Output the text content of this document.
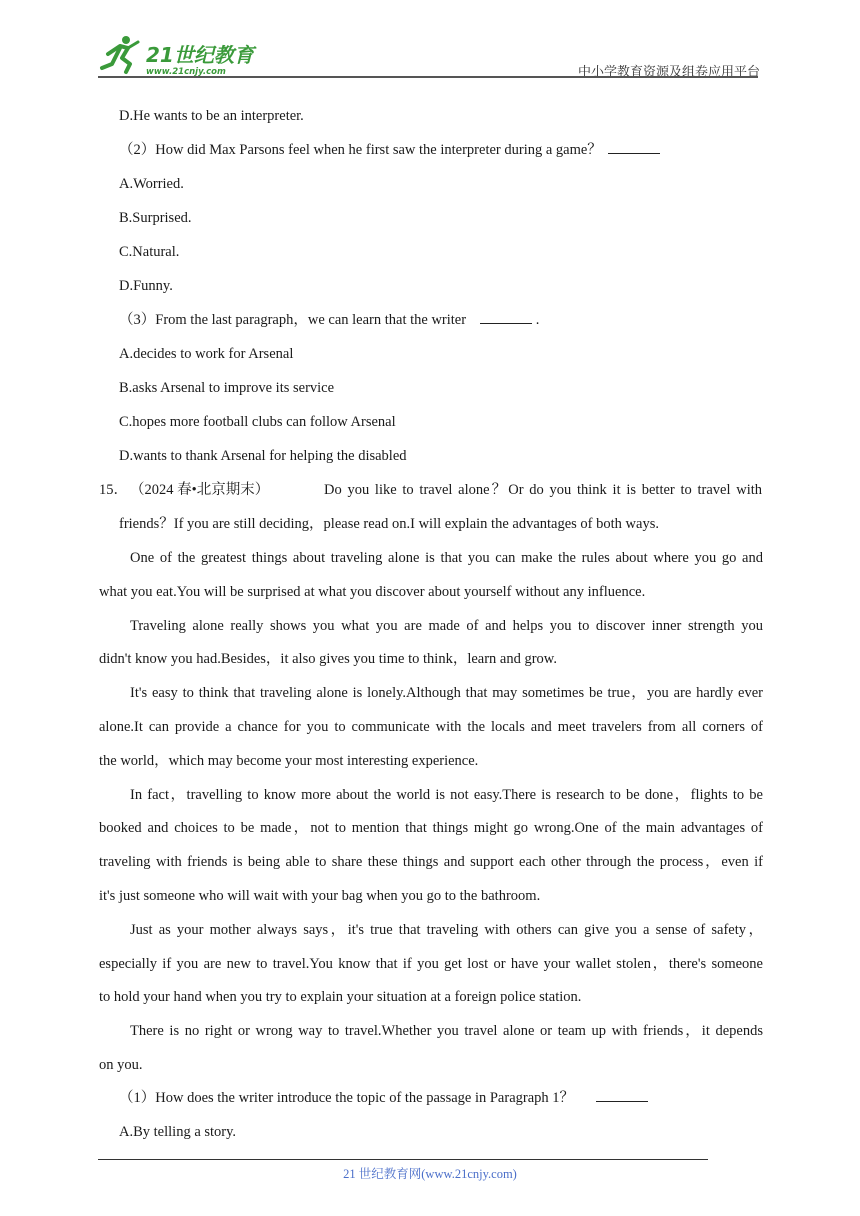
21世纪教育
www.21cnjy.com	中小学教育资源及组卷应用平台
D.He wants to be an interpreter.
（2）How did Max Parsons feel when he first saw the interpreter during a game？
A.Worried.
B.Surprised.
C.Natural.
D.Funny.
（3）From the last paragraph，we can learn that the writer	.
A.decides to work for Arsenal
B.asks Arsenal to improve its service
C.hopes more football clubs can follow Arsenal
D.wants to thank Arsenal for helping the disabled
15． （2024 春•北京期末）	Do you like to travel alone？Or do you think it is better to travel with
friends？If you are still deciding，please read on.I will explain the advantages of both ways.
One of the greatest things about traveling alone is that you can make the rules about where you go and
what you eat.You will be surprised at what you discover about yourself without any influence.
Traveling alone really shows you what you are made of and helps you to discover inner strength you
didn't know you had.Besides，it also gives you time to think，learn and grow.
It's easy to think that traveling alone is lonely.Although that may sometimes be true，you are hardly ever
alone.It can provide a chance for you to communicate with the locals and meet travelers from all corners of
the world，which may become your most interesting experience.
In fact，travelling to know more about the world is not easy.There is research to be done，flights to be
booked and choices to be made，not to mention that things might go wrong.One of the main advantages of
traveling with friends is being able to share these things and support each other through the process，even if
it's just someone who will wait with your bag when you go to the bathroom.
Just as your mother always says，it's true that traveling with others can give you a sense of safety，
especially if you are new to travel.You know that if you get lost or have your wallet stolen，there's someone
to hold your hand when you try to explain your situation at a foreign police station.
There is no right or wrong way to travel.Whether you travel alone or team up with friends，it depends
on you.
（1）How does the writer introduce the topic of the passage in Paragraph 1？
A.By telling a story.
21 世纪教育网(www.21cnjy.com)
